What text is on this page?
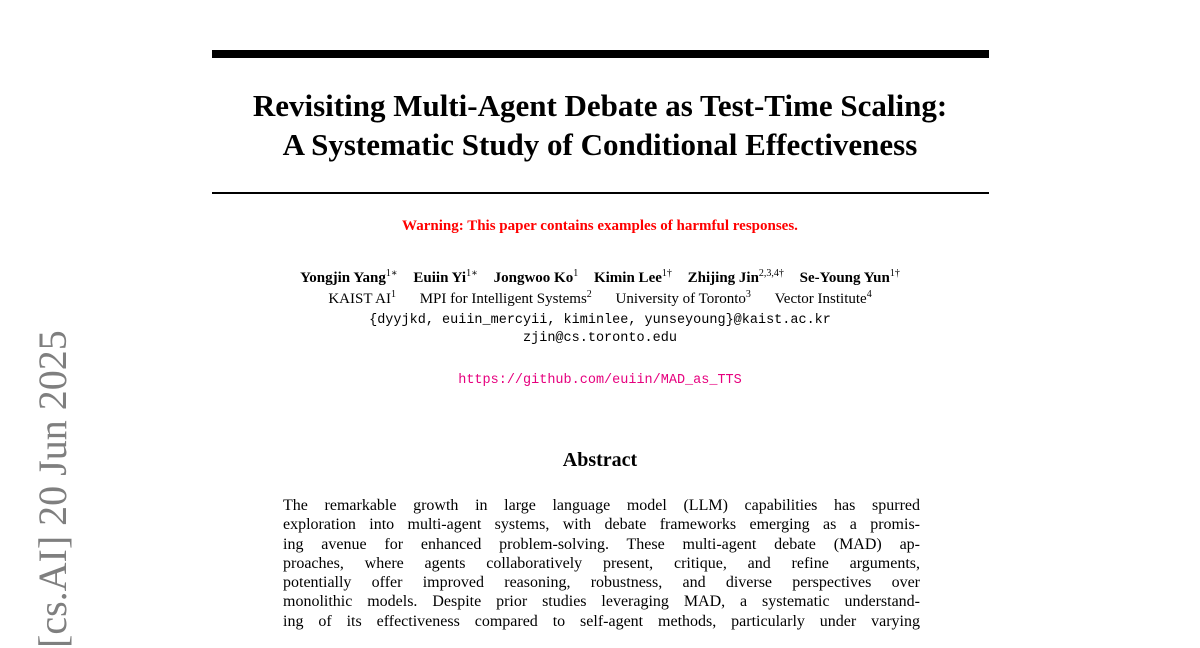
Revisiting Multi-Agent Debate as Test-Time Scaling:
A Systematic Study of Conditional Effectiveness
Warning: This paper contains examples of harmful responses.
Yongjin Yang$^{1∗}$ Euiin $Yi^{1∗}$ Jongwoo Ko$^1$ Kimin Lee$^{1\dagger}$ Zhijing Jin$^{2,3,4\dagger}$ Se-Young Yun$^{1\dagger}$
KAIST $AI^1$ MPI for Intelligent Systems$^2$ University of Toronto$^3$ Vector Institute$^4$
{dyyjkd, euiin_mercyii, kiminlee, yunseyoung}@kaist.ac.kr
zjin@cs.toronto.edu
https://github.com/euiin/MAD_as_TTS
Abstract
The remarkable growth in large language model (LLM) capabilities has spurred
exploration into multi-agent systems, with debate frameworks emerging as a promis-
ing avenue for enhanced problem-solving. These multi-agent debate (MAD) ap-
proaches, where agents collaboratively present, critique, and refine arguments,
potentially offer improved reasoning, robustness, and diverse perspectives over
monolithic models. Despite prior studies leveraging MAD, a systematic understand-
ing of its effectiveness compared to self-agent methods, particularly under varying
[cs.AI] 20 Jun 2025
